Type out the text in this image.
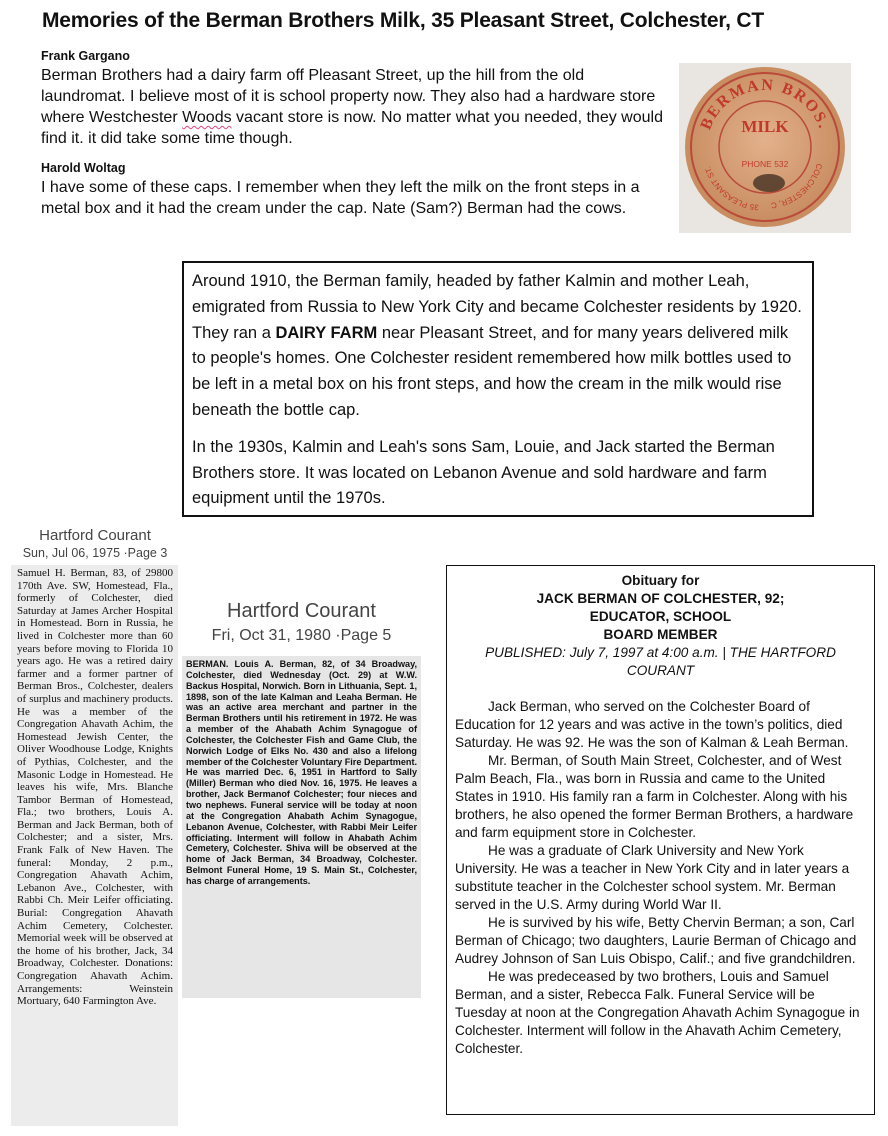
Memories of the Berman Brothers Milk, 35 Pleasant Street, Colchester, CT
Frank Gargano
Berman Brothers had a dairy farm off Pleasant Street, up the hill from the old laundromat. I believe most of it is school property now. They also had a hardware store where Westchester Woods vacant store is now. No matter what you needed, they would find it. it did take some time though.
Harold Woltag
I have some of these caps. I remember when they left the milk on the front steps in a metal box and it had the cream under the cap. Nate (Sam?) Berman had the cows.
BERMAN BROS.
MILK
PHONE 532	COLCHESTER, C
35 PLEASANT ST.

Around 1910, the Berman family, headed by father Kalmin and mother Leah, emigrated from Russia to New York City and became Colchester residents by 1920. They ran a DAIRY FARM near Pleasant Street, and for many years delivered milk to people's homes. One Colchester resident remembered how milk bottles used to be left in a metal box on his front steps, and how the cream in the milk would rise beneath the bottle cap.

In the 1930s, Kalmin and Leah's sons Sam, Louie, and Jack started the Berman Brothers store. It was located on Lebanon Avenue and sold hardware and farm equipment until the 1970s.

Hartford Courant
Sun, Jul 06, 1975 ·Page 3
Samuel H. Berman, 83, of 29800 170th Ave. SW, Homestead, Fla., formerly of Colchester, died Saturday at James Archer Hospital in Homestead. Born in Russia, he lived in Colchester more than 60 years before moving to Florida 10 years ago. He was a retired dairy farmer and a former partner of Berman Bros., Colchester, dealers of surplus and machinery products. He was a member of the Congregation Ahavath Achim, the Homestead Jewish Center, the Oliver Woodhouse Lodge, Knights of Pythias, Colchester, and the Masonic Lodge in Homestead. He leaves his wife, Mrs. Blanche Tambor Berman of Homestead, Fla.; two brothers, Louis A. Berman and Jack Berman, both of Colchester; and a sister, Mrs. Frank Falk of New Haven. The funeral: Monday, 2 p.m., Congregation Ahavath Achim, Lebanon Ave., Colchester, with Rabbi Ch. Meir Leifer officiating. Burial: Congregation Ahavath Achim Cemetery, Colchester. Memorial week will be observed at the home of his brother, Jack, 34 Broadway, Colchester. Donations: Congregation Ahavath Achim. Arrangements: Weinstein Mortuary, 640 Farmington Ave.
Hartford Courant
Fri, Oct 31, 1980 ·Page 5
BERMAN. Louis A. Berman, 82, of 34 Broadway, Colchester, died Wednesday (Oct. 29) at W.W. Backus Hospital, Norwich. Born in Lithuania, Sept. 1, 1898, son of the late Kalman and Leaha Berman. He was an active area merchant and partner in the Berman Brothers until his retirement in 1972. He was a member of the Ahabath Achim Synagogue of Colchester, the Colchester Fish and Game Club, the Norwich Lodge of Elks No. 430 and also a lifelong member of the Colchester Voluntary Fire Department. He was married Dec. 6, 1951 in Hartford to Sally (Miller) Berman who died Nov. 16, 1975. He leaves a brother, Jack Bermanof Colchester; four nieces and two nephews. Funeral service will be today at noon at the Congregation Ahabath Achim Synagogue, Lebanon Avenue, Colchester, with Rabbi Meir Leifer officiating. Interment will follow in Ahabath Achim Cemetery, Colchester. Shiva will be observed at the home of Jack Berman, 34 Broadway, Colchester. Belmont Funeral Home, 19 S. Main St., Colchester, has charge of arrangements.
Obituary for
JACK BERMAN OF COLCHESTER, 92;
EDUCATOR, SCHOOL
BOARD MEMBER
PUBLISHED: July 7, 1997 at 4:00 a.m. | THE HARTFORD COURANT

Jack Berman, who served on the Colchester Board of Education for 12 years and was active in the town’s politics, died Saturday. He was 92. He was the son of Kalman & Leah Berman.

Mr. Berman, of South Main Street, Colchester, and of West Palm Beach, Fla., was born in Russia and came to the United States in 1910. His family ran a farm in Colchester. Along with his brothers, he also opened the former Berman Brothers, a hardware and farm equipment store in Colchester.

He was a graduate of Clark University and New York University. He was a teacher in New York City and in later years a substitute teacher in the Colchester school system. Mr. Berman served in the U.S. Army during World War II.

He is survived by his wife, Betty Chervin Berman; a son, Carl Berman of Chicago; two daughters, Laurie Berman of Chicago and Audrey Johnson of San Luis Obispo, Calif.; and five grandchildren.

He was predeceased by two brothers, Louis and Samuel Berman, and a sister, Rebecca Falk. Funeral Service will be Tuesday at noon at the Congregation Ahavath Achim Synagogue in Colchester. Interment will follow in the Ahavath Achim Cemetery, Colchester.
